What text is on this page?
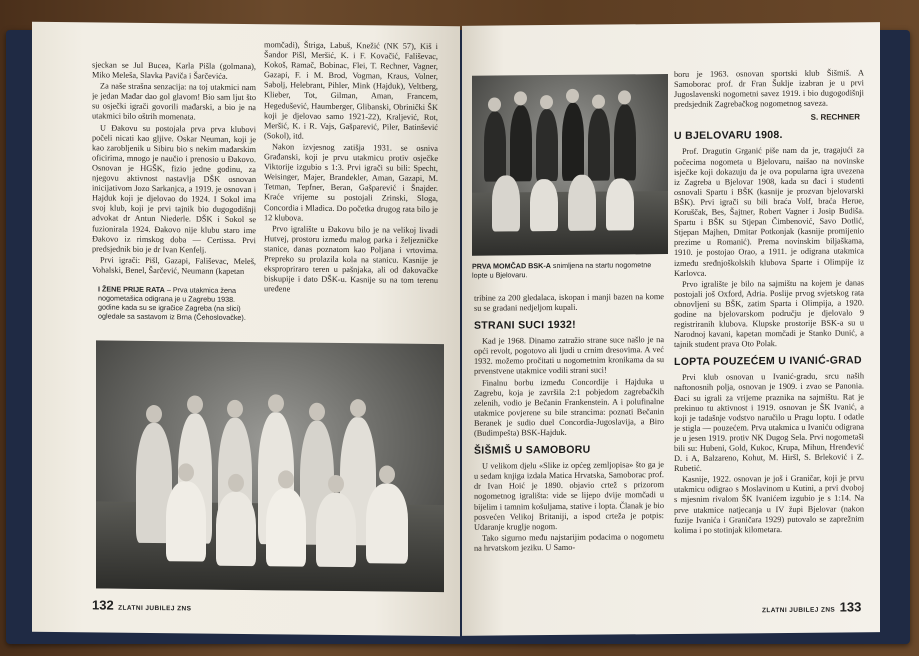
sjeckan se Jul Bucea, Karla Pišla (golmana), Miko Meleša, Slavka Paviča i Šarčevića.

Za naše strašna senzacija: na toj utakmici nam je jedan Mađar dao gol glavom! Bio sam ljut što su osječki igrači govorili mađarski, a bio je na utakmici bilo oštrih momenata.

U Đakovu su postojala prva prva klubovi počeli nicati kao gljive. Oskar Neuman, koji je kao zarobljenik u Sibiru bio s nekim mađarskim oficirima, mnogo je naučio i prenosio u Đakovo. Osnovan je HGŠK, fizio jedne godinu, za njegovu aktivnost nastavlja DŠK osnovan inicijativom Jozo Sarkanjca, a 1919. je osnovan i Hajduk koji je djelovao do 1924. I Sokol ima svoj klub, koji je prvi tajnik bio dugogodišnji advokat dr Antun Niederle. DŠK i Sokol se fuzionirala 1924. Đakovo nije klubu staro ime Đakovo iz rimskog doba — Certissa. Prvi predsjednik bio je dr Ivan Kenfelj.

Prvi igrači: Pišl, Gazapi, Fališevac, Meleš, Vohalski, Benel, Šarčević, Neumann (kapetan

momčadi), Štriga, Labuš, Knežić (NK 57), Kiš i Šandor Pišl, Meršić, K. i F. Kovačić, Fališevac, Kokoš, Ramač, Bobinac, Flei, T. Rechner, Vagner, Gazapi, F. i M. Brod, Vogman, Kraus, Volner, Sabolj, Helebrant, Pihler, Mink (Hajduk), Veltberg, Klieber, Tot, Gilman, Aman, Francem, Hegedušević, Haumberger, Glibanski, Obrinički ŠK koji je djelovao samo 1921-22), Kraljević, Rot, Meršić, K. i R. Vajs, Gašparević, Piler, Batinšević (Sokol), itd.

Nakon izvjesnog zatišja 1931. se osniva Građanski, koji je prvu utakmicu protiv osječke Viktorije izgubio s 1:3. Prvi igrači su bili: Specht, Weisinger, Majer, Brandekler, Aman, Gazapi, M. Tetman, Tepfner, Beran, Gašparević i Šnajder. Kraće vrijeme su postojali Zrinski, Sloga, Concordia i Mladica. Do početka drugog rata bilo je 12 klubova.

Prvo igralište u Đakovu bilo je na velikoj livadi Hutvej, prostoru između malog parka i željezničke stanice, danas poznatom kao Poljana i vrtovima. Prepreko su prolazila kola na stanicu. Kasnije je ekspropriraro teren u pašnjaka, ali od đakovačke biskupije i dato DŠK-u. Kasnije su na tom terenu uređene

I ŽENE PRIJE RATA – Prva utakmica žena nogometašica odigrana je u Zagrebu 1938. godine kada su se igračice Zagreba (na slici) ogledale sa sastavom iz Brna (Čehoslovačke).
132 ZLATNI JUBILEJ ZNS
PRVA MOMČAD BSK-A snimljena na startu nogometne lopte u Bjelovaru.

tribine za 200 gledalaca, iskopan i manji bazen na kome su se gradani nedjeljom kupali.

STRANI SUCI 1932!

Kad je 1968. Dinamo zatražio strane suce našlo je na opći revolt, pogotovo ali ljudi u crnim dresovima. A već 1932. možemo pročitati u nogometnim kronikama da su prvenstvene utakmice vodili strani suci!

Finalnu borbu između Concordije i Hajduka u Zagrebu, koja je završila 2:1 pobjedom zagrebačkih zelenih, vodio je Bečanin Frankenstein. A i polufinalne utakmice povjerene su bile strancima: poznati Bečanin Beranek je sudio duel Concordia-Jugoslavija, a Biro (Budimpešta) BSK-Hajduk.

ŠIŠMIŠ U SAMOBORU

U velikom djelu «Slike iz općeg zemljopisa» što ga je u sedam knjiga izdala Matica Hrvatska, Samoborac prof. dr Ivan Hoić je 1890. objavio crtež s prizorom nogometnog igrališta: vide se lijepo dvije momčadi u bijelim i tamnim košuljama, stative i lopta. Članak je bio posvećen Velikoj Britaniji, a ispod crteža je potpis: Udaranje kruglje nogom.

Tako sigurno među najstarijim podacima o nogometu na hrvatskom jeziku. U Samo-

boru je 1963. osnovan sportski klub Šišmiš. A Samoborac prof. dr Fran Šuklje izabran je u prvi Jugoslavenski nogometni savez 1919. i bio dugogodišnji predsjednik Zagrebačkog nogometnog saveza.

S. RECHNER
U BJELOVARU 1908.

Prof. Dragutin Grganić piše nam da je, tragajući za počecima nogometa u Bjelovaru, naišao na novinske isječke koji dokazuju da je ova popularna igra uvezena iz Zagreba u Bjelovar 1908, kada su đaci i studenti osnovali Spartu i BŠK (kasnije je prozvan bjelovarski BŠK). Prvi igrači su bili braća Volf, braća Herue, Koruščak, Bes, Šajtner, Robert Vagner i Josip Budiša. Spartu i BŠK su Stjepan Čimbenović, Savo Dotlić, Stjepan Majhen, Dmitar Potkonjak (kasnije promijenio prezime u Romanić). Prema novinskim biljaškama, 1910. je postojao Orao, a 1911. je odigrana utakmica između sređnjoškolskih klubova Sparte i Olimpije iz Karlovca.

Prvo igralište je bilo na sajmištu na kojem je danas postojali još Oxford, Adria. Poslije prvog svjetskog rata obnovljeni su BŠK, zatim Sparta i Olimpija, a 1920. godine na bjelovarskom području je djelovalo 9 registriranih klubova. Klupske prostorije BSK-a su u Narodnoj kavani, kapetan momčadi je Stanko Dunić, a tajnik student prava Oto Polak.

LOPTA POUZEĆEM U IVANIĆ-GRAD

Prvi klub osnovan u Ivanić-gradu, srcu naših naftonosnih polja, osnovan je 1909. i zvao se Panonia. Đaci su igrali za vrijeme praznika na sajmištu. Rat je prekinuo tu aktivnost i 1919. osnovan je ŠK Ivanić, a koji je tadašnje vodstvo naručilo u Pragu loptu. I odatle je stigla — pouzećem. Prva utakmica u Ivaniću odigrana je u jesen 1919. protiv NK Dugog Sela. Prvi nogometaši bili su: Hubeni, Gold, Kukoc, Krupa, Mihun, Hrenđević D. i A, Balzareno, Kohut, M. Hiršl, S. Brleković i Z. Rubetić.

Kasnije, 1922. osnovan je još i Graničar, koji je prvu utakmicu odigrao s Moslavinom u Kutini, a prvi dvoboj s mjesnim rivalom ŠK Ivanićem izgubio je s 1:14. Na prve utakmice natjecanja u IV župi Bjelovar (nakon fuzije Ivanića i Graničara 1929) putovalo se zaprežnim kolima i po stotinjak kilometara.

ZLATNI JUBILEJ ZNS 133
